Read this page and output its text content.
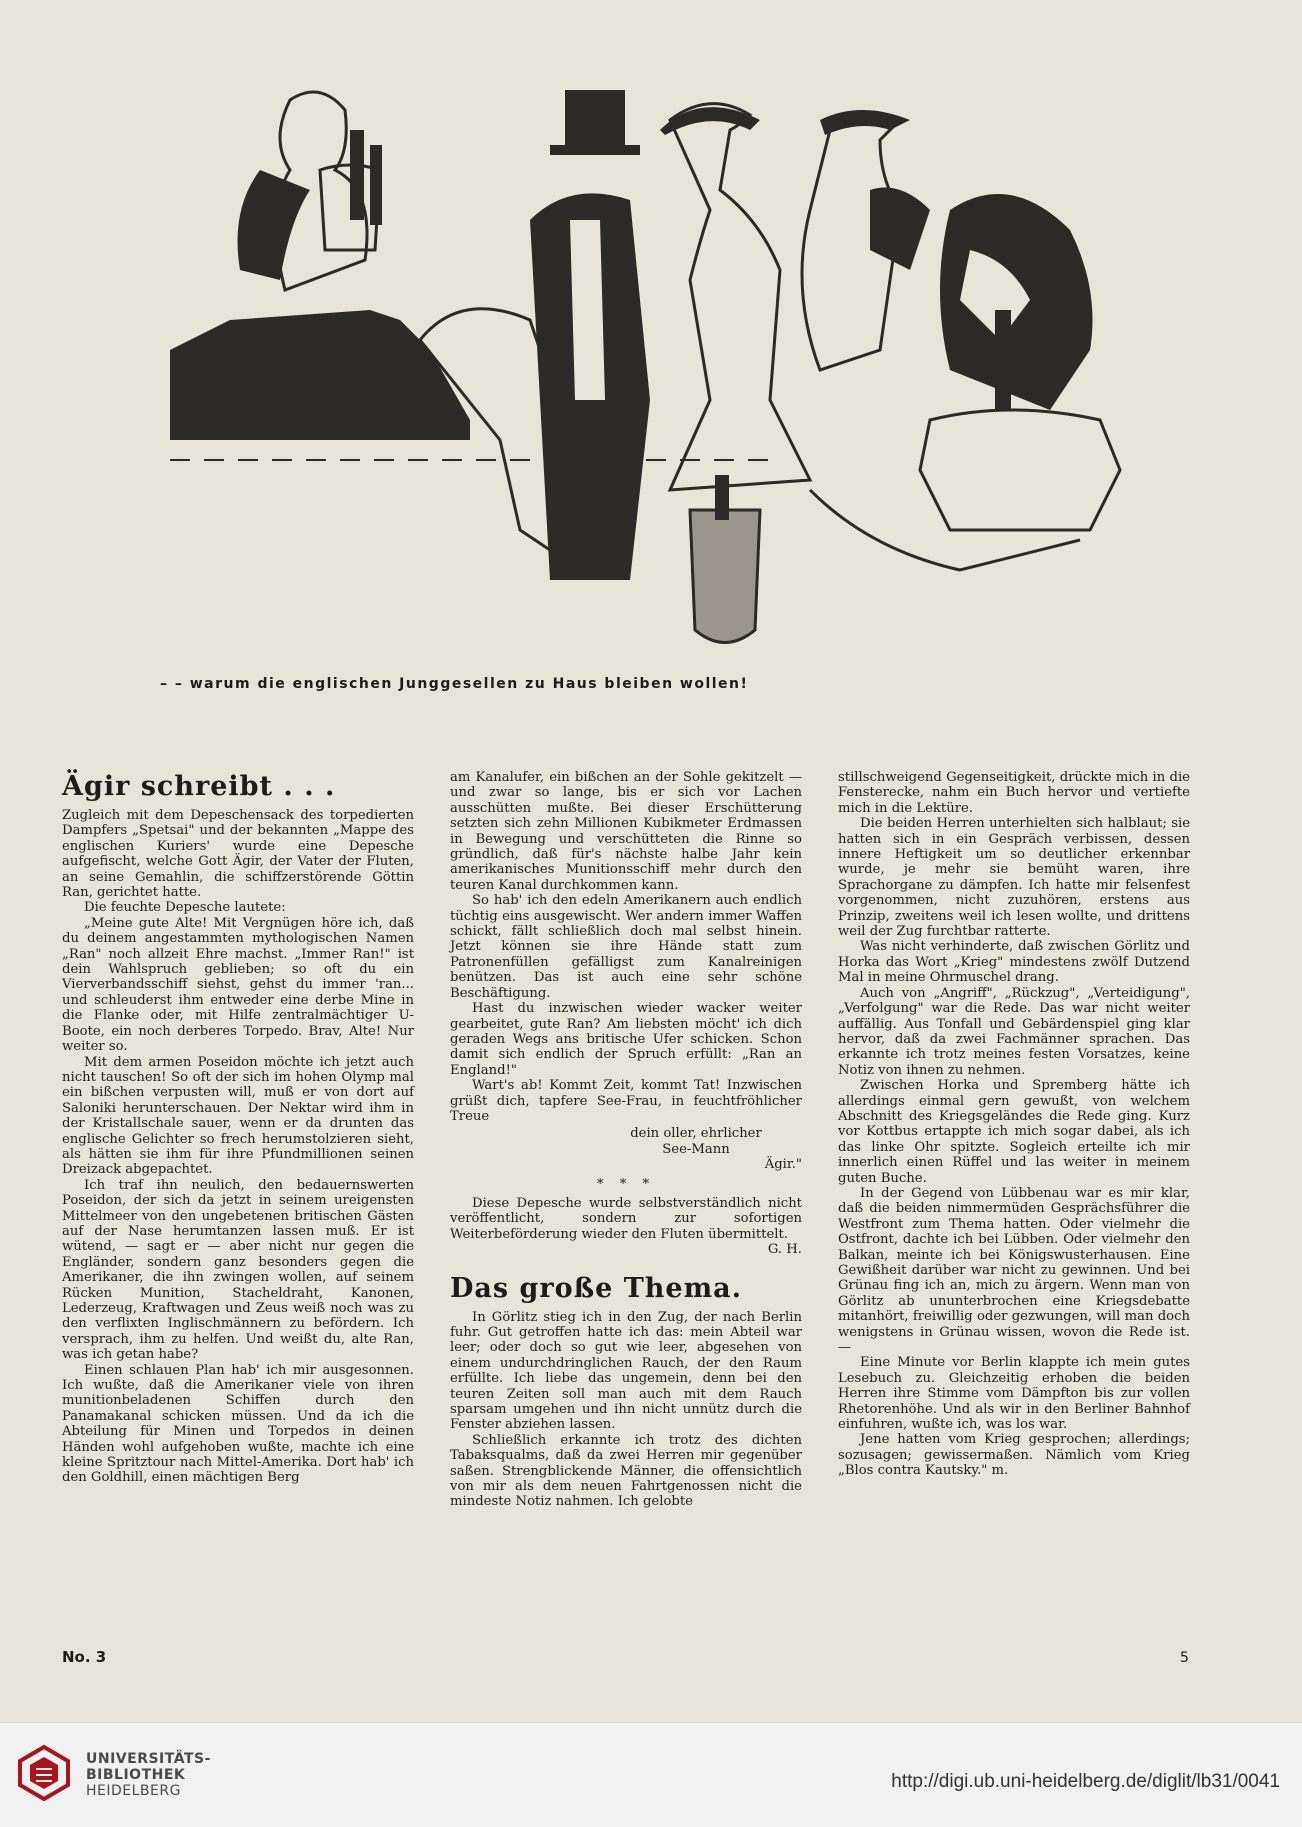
– – warum die englischen Junggesellen zu Haus bleiben wollen!
Ägir schreibt . . .

Zugleich mit dem Depeschensack des torpedierten Dampfers „Spetsai" und der bekannten „Mappe des englischen Kuriers' wurde eine Depesche aufgefischt, welche Gott Ägir, der Vater der Fluten, an seine Gemahlin, die schiffzerstörende Göttin Ran, gerichtet hatte.

Die feuchte Depesche lautete:

„Meine gute Alte! Mit Vergnügen höre ich, daß du deinem angestammten mythologischen Namen „Ran" noch allzeit Ehre machst. „Immer Ran!" ist dein Wahlspruch geblieben; so oft du ein Vierverbandsschiff siehst, gehst du immer 'ran... und schleuderst ihm entweder eine derbe Mine in die Flanke oder, mit Hilfe zentralmächtiger U-Boote, ein noch derberes Torpedo. Brav, Alte! Nur weiter so.

Mit dem armen Poseidon möchte ich jetzt auch nicht tauschen! So oft der sich im hohen Olymp mal ein bißchen verpusten will, muß er von dort auf Saloniki herunterschauen. Der Nektar wird ihm in der Kristallschale sauer, wenn er da drunten das englische Gelichter so frech herumstolzieren sieht, als hätten sie ihm für ihre Pfundmillionen seinen Dreizack abgepachtet.

Ich traf ihn neulich, den bedauernswerten Poseidon, der sich da jetzt in seinem ureigensten Mittelmeer von den ungebetenen britischen Gästen auf der Nase herumtanzen lassen muß. Er ist wütend, — sagt er — aber nicht nur gegen die Engländer, sondern ganz besonders gegen die Amerikaner, die ihn zwingen wollen, auf seinem Rücken Munition, Stacheldraht, Kanonen, Lederzeug, Kraftwagen und Zeus weiß noch was zu den verflixten Inglischmännern zu befördern. Ich versprach, ihm zu helfen. Und weißt du, alte Ran, was ich getan habe?

Einen schlauen Plan hab' ich mir ausgesonnen. Ich wußte, daß die Amerikaner viele von ihren munitionbeladenen Schiffen durch den Panamakanal schicken müssen. Und da ich die Abteilung für Minen und Torpedos in deinen Händen wohl aufgehoben wußte, machte ich eine kleine Spritztour nach Mittel-Amerika. Dort hab' ich den Goldhill, einen mächtigen Berg

am Kanalufer, ein bißchen an der Sohle gekitzelt — und zwar so lange, bis er sich vor Lachen ausschütten mußte. Bei dieser Erschütterung setzten sich zehn Millionen Kubikmeter Erdmassen in Bewegung und verschütteten die Rinne so gründlich, daß für's nächste halbe Jahr kein amerikanisches Munitionsschiff mehr durch den teuren Kanal durchkommen kann.

So hab' ich den edeln Amerikanern auch endlich tüchtig eins ausgewischt. Wer andern immer Waffen schickt, fällt schließlich doch mal selbst hinein. Jetzt können sie ihre Hände statt zum Patronenfüllen gefälligst zum Kanalreinigen benützen. Das ist auch eine sehr schöne Beschäftigung.

Hast du inzwischen wieder wacker weiter gearbeitet, gute Ran? Am liebsten möcht' ich dich geraden Wegs ans britische Ufer schicken. Schon damit sich endlich der Spruch erfüllt: „Ran an England!"

Wart's ab! Kommt Zeit, kommt Tat! Inzwischen grüßt dich, tapfere See-Frau, in feuchtfröhlicher Treue

dein oller, ehrlicher
See-Mann
Ägir."
* * *

Diese Depesche wurde selbstverständlich nicht veröffentlicht, sondern zur sofortigen Weiterbeförderung wieder den Fluten übermittelt.

G. H.
Das große Thema.

In Görlitz stieg ich in den Zug, der nach Berlin fuhr. Gut getroffen hatte ich das: mein Abteil war leer; oder doch so gut wie leer, abgesehen von einem undurchdringlichen Rauch, der den Raum erfüllte. Ich liebe das ungemein, denn bei den teuren Zeiten soll man auch mit dem Rauch sparsam umgehen und ihn nicht unnütz durch die Fenster abziehen lassen.

Schließlich erkannte ich trotz des dichten Tabaksqualms, daß da zwei Herren mir gegenüber saßen. Strengblickende Männer, die offensichtlich von mir als dem neuen Fahrtgenossen nicht die mindeste Notiz nahmen. Ich gelobte

stillschweigend Gegenseitigkeit, drückte mich in die Fensterecke, nahm ein Buch hervor und vertiefte mich in die Lektüre.

Die beiden Herren unterhielten sich halblaut; sie hatten sich in ein Gespräch verbissen, dessen innere Heftigkeit um so deutlicher erkennbar wurde, je mehr sie bemüht waren, ihre Sprachorgane zu dämpfen. Ich hatte mir felsenfest vorgenommen, nicht zuzuhören, erstens aus Prinzip, zweitens weil ich lesen wollte, und drittens weil der Zug furchtbar ratterte.

Was nicht verhinderte, daß zwischen Görlitz und Horka das Wort „Krieg" mindestens zwölf Dutzend Mal in meine Ohrmuschel drang.

Auch von „Angriff", „Rückzug", „Verteidigung", „Verfolgung" war die Rede. Das war nicht weiter auffällig. Aus Tonfall und Gebärdenspiel ging klar hervor, daß da zwei Fachmänner sprachen. Das erkannte ich trotz meines festen Vorsatzes, keine Notiz von ihnen zu nehmen.

Zwischen Horka und Spremberg hätte ich allerdings einmal gern gewußt, von welchem Abschnitt des Kriegsgeländes die Rede ging. Kurz vor Kottbus ertappte ich mich sogar dabei, als ich das linke Ohr spitzte. Sogleich erteilte ich mir innerlich einen Rüffel und las weiter in meinem guten Buche.

In der Gegend von Lübbenau war es mir klar, daß die beiden nimmermüden Gesprächsführer die Westfront zum Thema hatten. Oder vielmehr die Ostfront, dachte ich bei Lübben. Oder vielmehr den Balkan, meinte ich bei Königswusterhausen. Eine Gewißheit darüber war nicht zu gewinnen. Und bei Grünau fing ich an, mich zu ärgern. Wenn man von Görlitz ab ununterbrochen eine Kriegsdebatte mitanhört, freiwillig oder gezwungen, will man doch wenigstens in Grünau wissen, wovon die Rede ist. —

Eine Minute vor Berlin klappte ich mein gutes Lesebuch zu. Gleichzeitig erhoben die beiden Herren ihre Stimme vom Dämpfton bis zur vollen Rhetorenhöhe. Und als wir in den Berliner Bahnhof einfuhren, wußte ich, was los war.

Jene hatten vom Krieg gesprochen; allerdings; sozusagen; gewissermaßen. Nämlich vom Krieg „Blos contra Kautsky." m.

No. 3	5
UNIVERSITÄTS-
BIBLIOTHEK
HEIDELBERG	http://digi.ub.uni-heidelberg.de/diglit/lb31/0041
